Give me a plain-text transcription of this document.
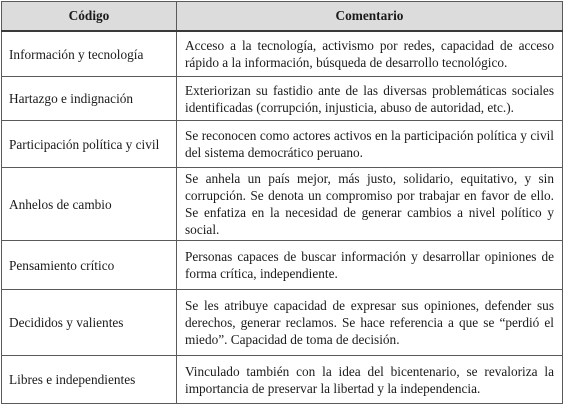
Código	Comentario
Información y tecnología	Acceso a la tecnología, activismo por redes, capacidad de acceso rápido a la información, búsqueda de desarrollo tecnológico.
Hartazgo e indignación	Exteriorizan su fastidio ante de las diversas problemáticas sociales identificadas (corrupción, injusticia, abuso de autoridad, etc.).
Participación política y civil	Se reconocen como actores activos en la participación política y civil del sistema democrático peruano.
Anhelos de cambio	Se anhela un país mejor, más justo, solidario, equitativo, y sin corrupción. Se denota un compromiso por trabajar en favor de ello. Se enfatiza en la necesidad de generar cambios a nivel político y social.
Pensamiento crítico	Personas capaces de buscar información y desarrollar opiniones de forma crítica, independiente.
Decididos y valientes	Se les atribuye capacidad de expresar sus opiniones, defender sus derechos, generar reclamos. Se hace referencia a que se “perdió el miedo”. Capacidad de toma de decisión.
Libres e independientes	Vinculado también con la idea del bicentenario, se revaloriza la importancia de preservar la libertad y la independencia.
